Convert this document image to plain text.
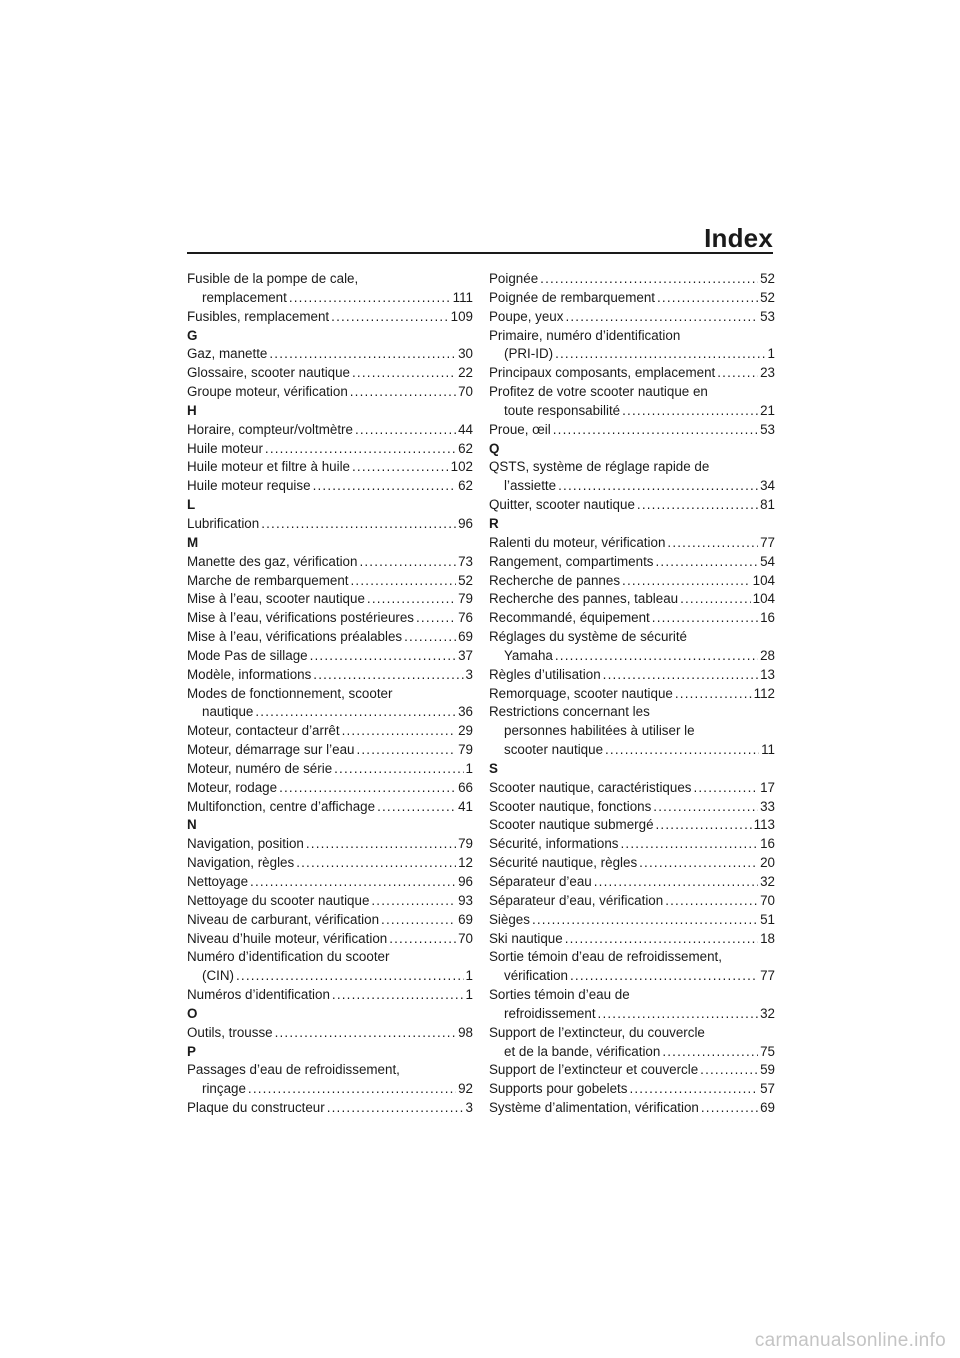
Index
Fusible de la pompe de cale,
remplacement .....	111
Fusibles, remplacement .....	109
G
Gaz, manette .....	30
Glossaire, scooter nautique .....	22
Groupe moteur, vérification .....	70
H
Horaire, compteur/voltmètre .....	44
Huile moteur .....	62
Huile moteur et filtre à huile .....	102
Huile moteur requise .....	62
L
Lubrification .....	96
M
Manette des gaz, vérification .....	73
Marche de rembarquement .....	52
Mise à l’eau, scooter nautique .....	79
Mise à l’eau, vérifications postérieures .....	76
Mise à l’eau, vérifications préalables .....	69
Mode Pas de sillage .....	37
Modèle, informations .....	3
Modes de fonctionnement, scooter
nautique .....	36
Moteur, contacteur d’arrêt .....	29
Moteur, démarrage sur l’eau .....	79
Moteur, numéro de série .....	1
Moteur, rodage .....	66
Multifonction, centre d’affichage .....	41
N
Navigation, position .....	79
Navigation, règles .....	12
Nettoyage .....	96
Nettoyage du scooter nautique .....	93
Niveau de carburant, vérification .....	69
Niveau d’huile moteur, vérification .....	70
Numéro d’identification du scooter
(CIN) .....	1
Numéros d’identification .....	1
O
Outils, trousse .....	98
P
Passages d’eau de refroidissement,
rinçage .....	92
Plaque du constructeur .....	3
Poignée .....	52
Poignée de rembarquement .....	52
Poupe, yeux .....	53
Primaire, numéro d’identification
(PRI-ID) .....	1
Principaux composants, emplacement .....	23
Profitez de votre scooter nautique en
toute responsabilité .....	21
Proue, œil .....	53
Q
QSTS, système de réglage rapide de
l’assiette .....	34
Quitter, scooter nautique .....	81
R
Ralenti du moteur, vérification .....	77
Rangement, compartiments .....	54
Recherche de pannes .....	104
Recherche des pannes, tableau .....	104
Recommandé, équipement .....	16
Réglages du système de sécurité
Yamaha .....	28
Règles d’utilisation .....	13
Remorquage, scooter nautique .....	112
Restrictions concernant les
personnes habilitées à utiliser le
scooter nautique .....	11
S
Scooter nautique, caractéristiques .....	17
Scooter nautique, fonctions .....	33
Scooter nautique submergé .....	113
Sécurité, informations .....	16
Sécurité nautique, règles .....	20
Séparateur d’eau .....	32
Séparateur d’eau, vérification .....	70
Sièges .....	51
Ski nautique .....	18
Sortie témoin d’eau de refroidissement,
vérification .....	77
Sorties témoin d’eau de
refroidissement .....	32
Support de l’extincteur, du couvercle
et de la bande, vérification .....	75
Support de l’extincteur et couvercle .....	59
Supports pour gobelets .....	57
Système d’alimentation, vérification .....	69
carmanualsonline.info
